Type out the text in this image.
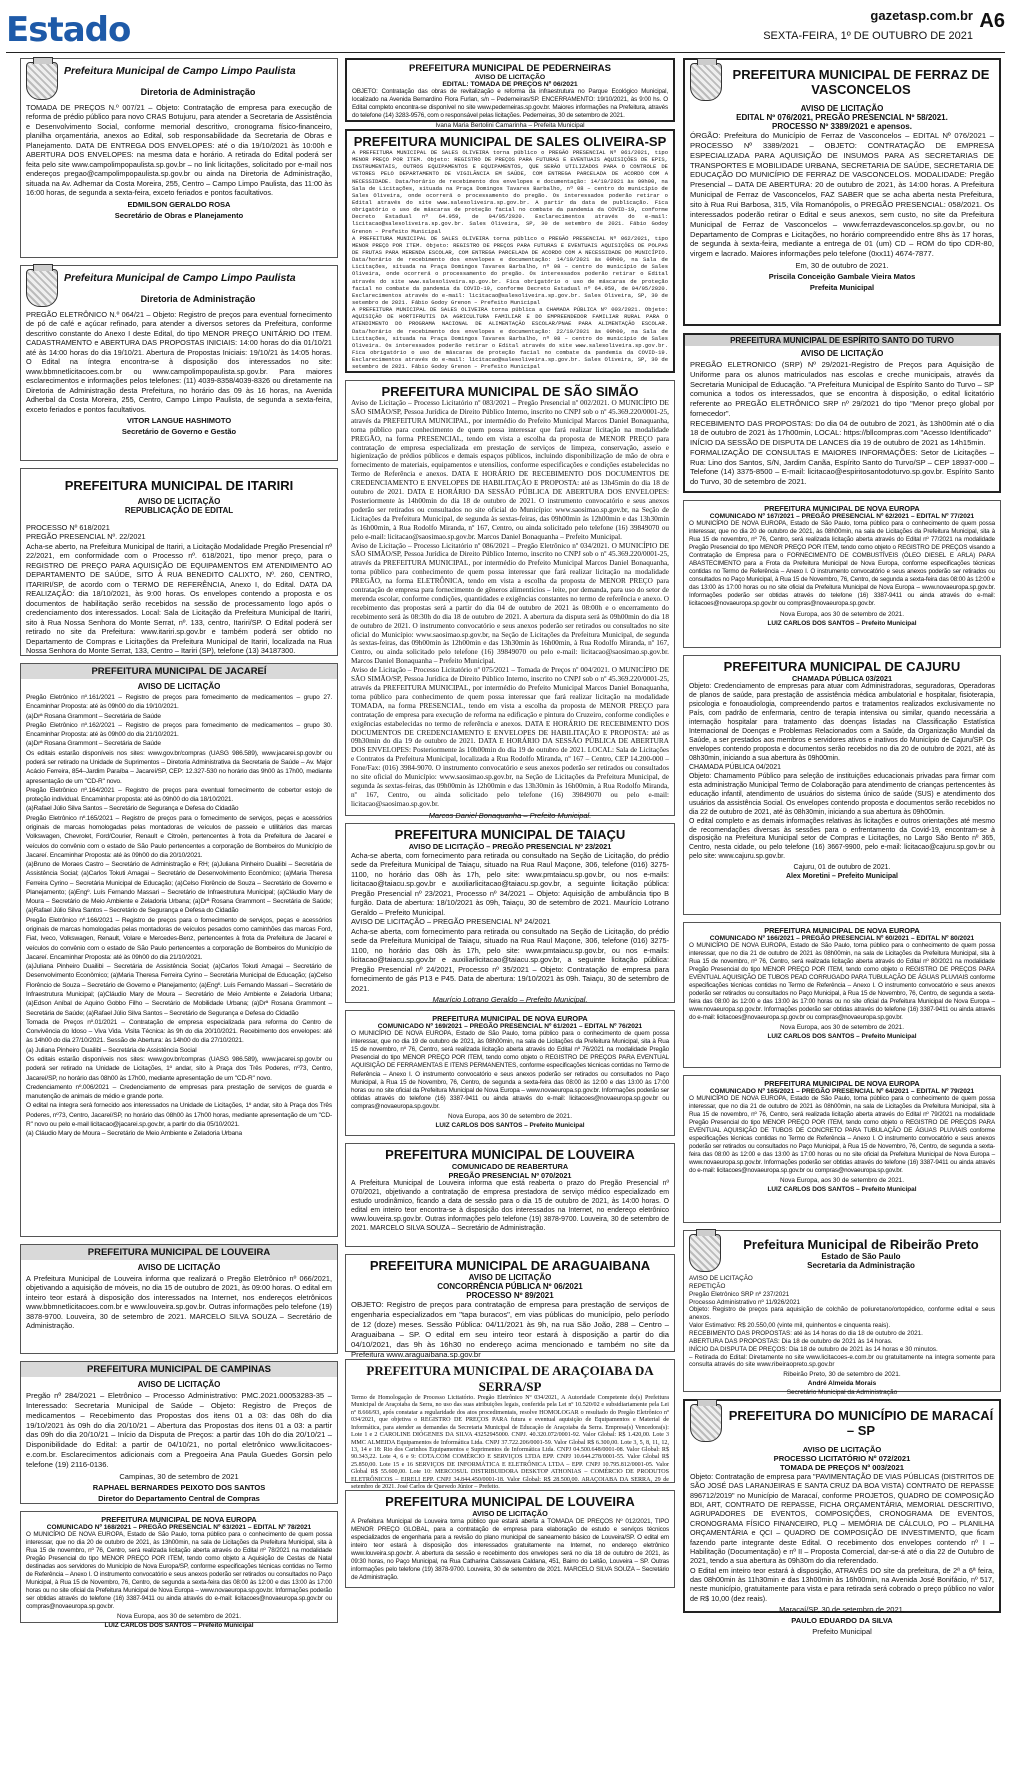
Estado	gazetasp.com.br
SEXTA-FEIRA, 1º DE OUTUBRO DE 2021
A6
Prefeitura Municipal de Campo Limpo Paulista
Diretoria de Administração
TOMADA DE PREÇOS N.º 007/21 – Objeto: Contratação de empresa para execução de reforma de prédio público para novo CRAS Botujuru, para atender a Secretaria de Assistência e Desenvolvimento Social, conforme memorial descritivo, cronograma físico-financeiro, planilha orçamentária, anexos ao Edital, sob responsabilidade da Secretaria de Obras e Planejamento. DATA DE ENTREGA DOS ENVELOPES: até o dia 19/10/2021 às 10:00h e ABERTURA DOS ENVELOPES: na mesma data e horário. A retirada do Edital poderá ser feita pelo site www.campolimpopaulista.sp.gov.br – no link licitações, solicitado por e-mail nos endereços pregao@campolimpopaulista.sp.gov.br ou ainda na Diretoria de Administração, situada na Av. Adhemar da Costa Moreira, 255, Centro – Campo Limpo Paulista, das 11:00 às 16:00 horas, de segunda a sexta-feira, exceto feriados e pontos facultativos.
EDMILSON GERALDO ROSA
Secretário de Obras e Planejamento
Prefeitura Municipal de Campo Limpo Paulista
Diretoria de Administração
PREGÃO ELETRÔNICO N.º 064/21 – Objeto: Registro de preços para eventual fornecimento de pó de café e açúcar refinado, para atender a diversos setores da Prefeitura, conforme descritivo constante do Anexo I deste Edital, do tipo MENOR PREÇO UNITÁRIO DO ITEM. CADASTRAMENTO e ABERTURA DAS PROPOSTAS INICIAIS: 14:00 horas do dia 01/10/21 até às 14:00 horas do dia 19/10/21. Abertura de Propostas Iniciais: 19/10/21 às 14:05 horas. O Edital na íntegra encontra-se à disposição dos interessados no site: www.bbmnetlicitacoes.com.br ou www.campolimpopaulista.sp.gov.br. Para maiores esclarecimentos e informações pelos telefones: (11) 4039-8358/4039-8326 ou diretamente na Diretoria de Administração desta Prefeitura, no horário das 09 às 16 horas, na Avenida Adherbal da Costa Moreira, 255, Centro, Campo Limpo Paulista, de segunda a sexta-feira, exceto feriados e pontos facultativos.
VITOR LANGUE HASHIMOTO
Secretário de Governo e Gestão
PREFEITURA MUNICIPAL DE ITARIRI
AVISO DE LICITAÇÃO
REPUBLICAÇÃO DE EDITAL
PROCESSO Nº 618/2021
PREGÃO PRESENCIAL Nº. 22/2021
Acha-se aberto, na Prefeitura Municipal de Itariri, a Licitação Modalidade Pregão Presencial nº 22/2021, em conformidade com o Processo nº. 618/2021, tipo menor preço, para o REGISTRO DE PREÇO PARA AQUISIÇÃO DE EQUIPAMENTOS EM ATENDIMENTO AO DEPARTAMENTO DE SAÚDE, SITO À RUA BENEDITO CALIXTO, Nº. 260, CENTRO, ITARIRI/SP, de acordo com o TERMO DE REFERÊNCIA, Anexo I, do Edital. DATA DA REALIZAÇÃO: dia 18/10/2021, às 9:00 horas. Os envelopes contendo a proposta e os documentos de habilitação serão recebidos na sessão de processamento logo após o credenciamento dos interessados. Local: Sala de Licitação da Prefeitura Municipal de Itariri, sito à Rua Nossa Senhora do Monte Serrat, nº. 133, centro, Itariri/SP. O Edital poderá ser retirado no site da Prefeitura: www.itariri.sp.gov.br e também poderá ser obtido no Departamento de Compras e Licitações da Prefeitura Municipal de Itariri, localizada na Rua Nossa Senhora do Monte Serrat, 133, Centro – Itariri (SP), telefone (13) 34187300.
PREFEITURA MUNICIPAL DE JACAREÍ
AVISO DE LICITAÇÃO
Pregão Eletrônico nº.161/2021 – Registro de preços para fornecimento de medicamentos – grupo 27. Encaminhar Proposta: até às 09h00 do dia 19/10/2021.
(a)Drª Rosana Grammont – Secretária de Saúde
Pregão Eletrônico nº.162/2021 – Registro de preços para fornecimento de medicamentos – grupo 30. Encaminhar Proposta: até às 09h00 do dia 21/10/2021.
(a)Drª Rosana Grammont – Secretária de Saúde
Os editais estarão disponíveis nos sites: www.gov.br/compras (UASG 986.589), www.jacarei.sp.gov.br ou poderá ser retirado na Unidade de Suprimentos – Diretoria Administrativa da Secretaria de Saúde – Av. Major Acácio Ferreira, 854–Jardim Paraíba – Jacareí/SP, CEP: 12.327-530 no horário das 9h00 às 17h00, mediante apresentação de um "CD-R" novo.
Pregão Eletrônico nº.164/2021 – Registro de preços para eventual fornecimento de cobertor estojo de proteção individual. Encaminhar proposta: até às 09h00 do dia 18/10/2021.
(a)Rafael Júlio Silva Santos – Secretário de Segurança e Defesa do Cidadão
Pregão Eletrônico nº.165/2021 – Registro de preços para o fornecimento de serviços, peças e acessórios originais de marcas homologadas pelas montadoras de veículos de passeio e utilitários das marcas Volkswagen, Chevrolet, Ford/Courier, Renault e Citroën, pertencentes à frota da Prefeitura de Jacareí e veículos do convênio com o estado de São Paulo pertencentes a corporação de Bombeiros do Município de Jacareí. Encaminhar Proposta: até às 09h00 do dia 20/10/2021.
(a)Bruno de Moraes Castro – Secretário de Administração e RH; (a)Juliana Pinheiro Duailibi – Secretária de Assistência Social; (a)Carlos Tokuti Amagai – Secretário de Desenvolvimento Econômico; (a)Maria Theresa Ferreira Cyrino – Secretária Municipal de Educação; (a)Celso Florêncio de Souza – Secretário de Governo e Planejamento; (a)Engº. Luís Fernando Massari – Secretário de Infraestrutura Municipal; (a)Cláudio Mary de Moura – Secretário de Meio Ambiente e Zeladoria Urbana; (a)Drª Rosana Grammont – Secretária de Saúde; (a)Rafael Júlio Silva Santos – Secretário de Segurança e Defesa do Cidadão
Pregão Eletrônico nº.166/2021 – Registro de preços para o fornecimento de serviços, peças e acessórios originais de marcas homologadas pelas montadoras de veículos pesados como caminhões das marcas Ford, Fiat, Iveco, Volkswagen, Renault, Volare e Mercedes-Benz, pertencentes à frota da Prefeitura de Jacareí e veículos do convênio com o estado de São Paulo pertencentes a corporação de Bombeiros do Município de Jacareí. Encaminhar Proposta: até às 09h00 do dia 21/10/2021.
(a)Juliana Pinheiro Duailibi – Secretária de Assistência Social; (a)Carlos Tokuti Amagai – Secretário de Desenvolvimento Econômico; (a)Maria Theresa Ferreira Cyrino – Secretária Municipal de Educação; (a)Celso Florêncio de Souza – Secretário de Governo e Planejamento; (a)Engº. Luís Fernando Massari – Secretário de Infraestrutura Municipal; (a)Cláudio Mary de Moura – Secretário de Meio Ambiente e Zeladoria Urbana; (a)Edson Aníbal de Aquino Gobbo Filho – Secretário de Mobilidade Urbana; (a)Drª Rosana Grammont – Secretária de Saúde; (a)Rafael Júlio Silva Santos – Secretário de Segurança e Defesa do Cidadão
Tomada de Preços nº.01/2021 – Contratação de empresa especializada para reforma do Centro de Convivência do Idoso – Viva Vida. Visita Técnica: às 9h do dia 20/10/2021. Recebimento dos envelopes: até às 14h00 do dia 27/10/2021. Sessão de Abertura: às 14h00 do dia 27/10/2021.
(a) Juliana Pinheiro Duailibi – Secretária de Assistência Social
Os editais estarão disponíveis nos sites: www.gov.br/compras (UASG 986.589), www.jacarei.sp.gov.br ou poderá ser retirado na Unidade de Licitações, 1º andar, sito à Praça dos Três Poderes, nº73, Centro, Jacareí/SP, no horário das 08h00 às 17h00, mediante apresentação de um "CD-R" novo.
Credenciamento nº.006/2021 – Credenciamento de empresas para prestação de serviços de guarda e manutenção de animais de médio e grande porte.
O edital na íntegra será fornecido aos interessados na Unidade de Licitações, 1º andar, sito à Praça dos Três Poderes, nº73, Centro, Jacareí/SP, no horário das 08h00 às 17h00 horas, mediante apresentação de um "CD-R" novo ou pelo e-mail licitacao@jacarei.sp.gov.br, a partir do dia 05/10/2021.
(a) Cláudio Mary de Moura – Secretário de Meio Ambiente e Zeladoria Urbana
PREFEITURA MUNICIPAL DE LOUVEIRA
AVISO DE LICITAÇÃO
A Prefeitura Municipal de Louveira informa que realizará o Pregão Eletrônico nº 066/2021, objetivando a aquisição de móveis, no dia 15 de outubro de 2021, às 09:00 horas. O edital em inteiro teor estará à disposição dos interessados na Internet, nos endereços eletrônicos www.bbmnetlicitacoes.com.br e www.louveira.sp.gov.br. Outras informações pelo telefone (19) 3878-9700. Louveira, 30 de setembro de 2021. MARCELO SILVA SOUZA – Secretário de Administração.
PREFEITURA MUNICIPAL DE CAMPINAS
AVISO DE LICITAÇÃO
Pregão nº 284/2021 – Eletrônico – Processo Administrativo: PMC.2021.00053283-35 – Interessado: Secretaria Municipal de Saúde – Objeto: Registro de Preços de medicamentos – Recebimento das Propostas dos itens 01 a 03: das 08h do dia 19/10/2021 às 09h do dia 20/10/21 – Abertura das Propostas dos itens 01 a 03: a partir das 09h do dia 20/10/21 – Início da Disputa de Preços: a partir das 10h do dia 20/10/21 – Disponibilidade do Edital: a partir de 04/10/21, no portal eletrônico www.licitacoes-e.com.br. Esclarecimentos adicionais com a Pregoeira Ana Paula Guedes Gorsin pelo telefone (19) 2116-0136.
Campinas, 30 de setembro de 2021
RAPHAEL BERNARDES PEIXOTO DOS SANTOS
Diretor do Departamento Central de Compras
PREFEITURA MUNICIPAL DE NOVA EUROPA
COMUNICADO Nº 168/2021 – PREGÃO PRESENCIAL Nº 63/2021 – EDITAL Nº 78/2021
O MUNICÍPIO DE NOVA EUROPA, Estado de São Paulo, torna público para o conhecimento de quem possa interessar, que no dia 20 de outubro de 2021, às 13h00min, na sala de Licitações da Prefeitura Municipal, sita à Rua 15 de novembro, nº 76, Centro, será realizada licitação aberta através do Edital nº 78/2021 na modalidade Pregão Presencial do tipo MENOR PREÇO POR ITEM, tendo como objeto a Aquisição de Cestas de Natal destinadas aos servidores do Município de Nova Europa/SP, conforme especificações técnicas contidas no Termo de Referência – Anexo I. O instrumento convocatório e seus anexos poderão ser retirados ou consultados no Paço Municipal, à Rua 15 de Novembro, 76, Centro, de segunda a sexta-feira das 08:00 às 12:00 e das 13:00 às 17:00 horas ou no site oficial da Prefeitura Municipal de Nova Europa – www.novaeuropa.sp.gov.br. Informações poderão ser obtidas através do telefone (16) 3387-9411 ou ainda através do e-mail: licitacoes@novaeuropa.sp.gov.br ou compras@novaeuropa.sp.gov.br.
Nova Europa, aos 30 de setembro de 2021.
LUIZ CARLOS DOS SANTOS – Prefeito Municipal
PREFEITURA MUNICIPAL DE PEDERNEIRAS
AVISO DE LICITAÇÃO
EDITAL: TOMADA DE PREÇOS Nº 06/2021
OBJETO: Contratação das obras de revitalização e reforma da infraestrutura no Parque Ecológico Municipal, localizado na Avenida Bernardino Flora Furlan, s/n – Pederneiras/SP. ENCERRAMENTO: 19/10/2021, às 9:00 hs. O Edital completo encontra-se disponível no site www.pederneiras.sp.gov.br. Maiores informações na Prefeitura, através do telefone (14) 3283-9576, com o responsável pelas licitações. Pederneiras, 30 de setembro de 2021.
Ivana Maria Bertolini Camarinha – Prefeita Municipal
PREFEITURA MUNICIPAL DE SALES OLIVEIRA-SP
A PREFEITURA MUNICIPAL DE SALES OLIVEIRA torna público o PREGÃO PRESENCIAL Nº 061/2021, tipo MENOR PREÇO POR ITEM. Objeto: REGISTRO DE PREÇOS PARA FUTURAS E EVENTUAIS AQUISIÇÕES DE EPIS, INSTRUMENTAIS, OUTROS EQUIPAMENTOS E EQUIPAMENTOS, QUE SERÃO UTILIZADOS PARA O CONTROLE DE VETORES PELO DEPARTAMENTO DE VIGILÂNCIA EM SAÚDE, COM ENTREGA PARCELADA DE ACORDO COM A NECESSIDADE. Data/horário de recebimento dos envelopes e documentação: 14/10/2021 às 09h00, na Sala de Licitações, situada na Praça Domingos Tavares Barbalho, nº 08 – centro do município de Sales Oliveira, onde ocorrerá o processamento do pregão. Os interessados poderão retirar o Edital através do site www.salesoliveira.sp.gov.br. A partir da data de publicação. Fica obrigatório o uso de máscaras de proteção facial no combate da pandemia da COVID-19, conforme Decreto Estadual nº 64.959, de 04/05/2020. Esclarecimentos através do e-mail: licitacao@salesoliveira.sp.gov.br. Sales Oliveira, SP, 30 de setembro de 2021. Fábio Godoy Grenon – Prefeito Municipal
A PREFEITURA MUNICIPAL DE SALES OLIVEIRA torna público o PREGÃO PRESENCIAL Nº 062/2021, tipo MENOR PREÇO POR ITEM. Objeto: REGISTRO DE PREÇOS PARA FUTURAS E EVENTUAIS AQUISIÇÕES DE POLPAS DE FRUTAS PARA MERENDA ESCOLAR, COM ENTREGA PARCELADA DE ACORDO COM A NECESSIDADE DO MUNICÍPIO. Data/horário de recebimento dos envelopes e documentação: 14/10/2021 às 09h00, na Sala de Licitações, situada na Praça Domingos Tavares Barbalho, nº 08 – centro do município de Sales Oliveira, onde ocorrerá o processamento do pregão. Os interessados poderão retirar o Edital através do site www.salesoliveira.sp.gov.br. Fica obrigatório o uso de máscaras de proteção facial no combate da pandemia da COVID-19, conforme Decreto Estadual nº 64.959, de 04/05/2020. Esclarecimentos através do e-mail: licitacao@salesoliveira.sp.gov.br. Sales Oliveira, SP, 30 de setembro de 2021. Fábio Godoy Grenon – Prefeito Municipal
A PREFEITURA MUNICIPAL DE SALES OLIVEIRA torna pública a CHAMADA PÚBLICA Nº 003/2021. Objeto: AQUISIÇÃO DE HORTIFRUTIS DA AGRICULTURA FAMILIAR E DO EMPREENDEDOR FAMILIAR RURAL PARA O ATENDIMENTO DO PROGRAMA NACIONAL DE ALIMENTAÇÃO ESCOLAR/PNAE PARA ALIMENTAÇÃO ESCOLAR. Data/horário de recebimento dos envelopes e documentação: 22/10/2021 às 09h00, na Sala de Licitações, situada na Praça Domingos Tavares Barbalho, nº 08 – centro do município de Sales Oliveira. Os interessados poderão retirar o Edital através do site www.salesoliveira.sp.gov.br. Fica obrigatório o uso de máscaras de proteção facial no combate da pandemia da COVID-19. Esclarecimentos através do e-mail: licitacao@salesoliveira.sp.gov.br. Sales Oliveira, SP, 30 de setembro de 2021. Fábio Godoy Grenon – Prefeito Municipal
PREFEITURA MUNICIPAL DE SÃO SIMÃO
Aviso de Licitação – Processo Licitatório nº 083/2021 – Pregão Presencial nº 002/2021. O MUNICÍPIO DE SÃO SIMÃO/SP, Pessoa Jurídica de Direito Público Interno, inscrito no CNPJ sob o nº 45.369.220/0001-25, através da PREFEITURA MUNICIPAL, por intermédio do Prefeito Municipal Marcos Daniel Bonaquanha, torna público para conhecimento de quem possa interessar que fará realizar licitação na modalidade PREGÃO, na forma PRESENCIAL, tendo em vista a escolha da proposta de MENOR PREÇO para contratação de empresa especializada em prestação de serviços de limpeza, conservação, asseio e higienização de prédios públicos e demais espaços públicos, incluindo disponibilização de mão de obra e fornecimento de materiais, equipamentos e utensílios, conforme especificações e condições estabelecidas no Termo de Referência e anexos. DATA E HORÁRIO DE RECEBIMENTO DOS DOCUMENTOS DE CREDENCIAMENTO E ENVELOPES DE HABILITAÇÃO E PROPOSTA: até as 13h45min do dia 18 de outubro de 2021. DATA E HORÁRIO DA SESSÃO PÚBLICA DE ABERTURA DOS ENVELOPES: Posteriormente às 14h00min do dia 18 de outubro de 2021. O instrumento convocatório e seus anexos poderão ser retirados ou consultados no site oficial do Município: www.saosimao.sp.gov.br, na Seção de Licitações da Prefeitura Municipal, de segunda às sextas-feiras, das 09h00min às 12h00min e das 13h30min às 16h00min, à Rua Rodolfo Miranda, nº 167, Centro, ou ainda solicitado pelo telefone (16) 39849070 ou pelo e-mail: licitacao@saosimao.sp.gov.br. Marcos Daniel Bonaquanha – Prefeito Municipal.
Aviso de Licitação – Processo Licitatório nº 086/2021 – Pregão Eletrônico nº 034/2021. O MUNICÍPIO DE SÃO SIMÃO/SP, Pessoa Jurídica de Direito Público Interno, inscrito no CNPJ sob o nº 45.369.220/0001-25, através da PREFEITURA MUNICIPAL, por intermédio do Prefeito Municipal Marcos Daniel Bonaquanha, torna público para conhecimento de quem possa interessar que fará realizar licitação na modalidade PREGÃO, na forma ELETRÔNICA, tendo em vista a escolha da proposta de MENOR PREÇO para contratação de empresa para fornecimento de gêneros alimentícios – leite, por demanda, para uso do setor de merenda escolar, conforme condições, quantidades e exigências constantes no termo de referência e anexo. O recebimento das propostas será a partir do dia 04 de outubro de 2021 às 08:00h e o encerramento do recebimento será às 08:30h do dia 18 de outubro de 2021. A abertura da disputa será às 09h00min do dia 18 de outubro de 2021. O instrumento convocatório e seus anexos poderão ser retirados ou consultados no site oficial do Município: www.saosimao.sp.gov.br, na Seção de Licitações da Prefeitura Municipal, de segunda às sextas-feiras, das 09h00min às 12h00min e das 13h30min às 16h00min, à Rua Rodolfo Miranda, nº 167, Centro, ou ainda solicitado pelo telefone (16) 39849070 ou pelo e-mail: licitacao@saosimao.sp.gov.br. Marcos Daniel Bonaquanha – Prefeito Municipal.
Aviso de Licitação – Processo Licitatório nº 075/2021 – Tomada de Preços nº 004/2021. O MUNICÍPIO DE SÃO SIMÃO/SP, Pessoa Jurídica de Direito Público Interno, inscrito no CNPJ sob o nº 45.369.220/0001-25, através da PREFEITURA MUNICIPAL, por intermédio do Prefeito Municipal Marcos Daniel Bonaquanha, torna público para conhecimento de quem possa interessar que fará realizar licitação na modalidade TOMADA, na forma PRESENCIAL, tendo em vista a escolha da proposta de MENOR PREÇO para contratação de empresa para execução de reforma na edificação e pintura do Cruzeiro, conforme condições e exigências estabelecidas no termo de referência e anexos. DATA E HORÁRIO DE RECEBIMENTO DOS DOCUMENTOS DE CREDENCIAMENTO E ENVELOPES DE HABILITAÇÃO E PROPOSTA: até as 09h30min do dia 19 de outubro de 2021. DATA E HORÁRIO DA SESSÃO PÚBLICA DE ABERTURA DOS ENVELOPES: Posteriormente às 10h00min do dia 19 de outubro de 2021. LOCAL: Sala de Licitações e Contratos da Prefeitura Municipal, localizada a Rua Rodolfo Miranda, nº 167 – Centro, CEP 14.200-000 – Fone/Fax: (016) 3984-9070. O instrumento convocatório e seus anexos poderão ser retirados ou consultados no site oficial do Município: www.saosimao.sp.gov.br, na Seção de Licitações da Prefeitura Municipal, de segunda às sextas-feiras, das 09h00min às 12h00min e das 13h30min às 16h00min, à Rua Rodolfo Miranda, nº 167, Centro, ou ainda solicitado pelo telefone (16) 39849070 ou pelo e-mail: licitacao@saosimao.sp.gov.br.
Marcos Daniel Bonaquanha – Prefeito Municipal.
PREFEITURA MUNICIPAL DE TAIAÇU
AVISO DE LICITAÇÃO – PREGÃO PRESENCIAL Nº 23/2021
Acha-se aberta, com fornecimento para retirada ou consultado na Seção de Licitação, do prédio sede da Prefeitura Municipal de Taiaçu, situado na Rua Raul Maçone, 306, telefone (016) 3275-1100, no horário das 08h às 17h, pelo site: www.pmtaiacu.sp.gov.br, ou nos e-mails: licitacao@taiacu.sp.gov.br e auxiliarlicitacao@taiacu.sp.gov.br, a seguinte licitação pública: Pregão Presencial nº 23/2021, Processo nº 34/2021 – Objeto: Aquisição de ambulância tipo B furgão. Data de abertura: 18/10/2021 às 09h, Taiaçu, 30 de setembro de 2021. Maurício Lotrano Geraldo – Prefeito Municipal.
AVISO DE LICITAÇÃO – PREGÃO PRESENCIAL Nº 24/2021
Acha-se aberta, com fornecimento para retirada ou consultado na Seção de Licitação, do prédio sede da Prefeitura Municipal de Taiaçu, situado na Rua Raul Maçone, 306, telefone (016) 3275-1100, no horário das 08h às 17h, pelo site: www.pmtaiacu.sp.gov.br, ou nos e-mails: licitacao@taiacu.sp.gov.br e auxiliarlicitacao@taiacu.sp.gov.br, a seguinte licitação pública: Pregão Presencial nº 24/2021, Processo nº 35/2021 – Objeto: Contratação de empresa para fornecimento de gás P13 e P45. Data de abertura: 19/10/2021 às 09h. Taiaçu, 30 de setembro de 2021.
Maurício Lotrano Geraldo – Prefeito Municipal.
PREFEITURA MUNICIPAL DE NOVA EUROPA
COMUNICADO Nº 169/2021 – PREGÃO PRESENCIAL Nº 61/2021 – EDITAL Nº 76/2021
O MUNICÍPIO DE NOVA EUROPA, Estado de São Paulo, torna público para o conhecimento de quem possa interessar, que no dia 19 de outubro de 2021, às 08h00min, na sala de Licitações da Prefeitura Municipal, sita à Rua 15 de novembro, nº 76, Centro, será realizada licitação aberta através do Edital nº 76/2021 na modalidade Pregão Presencial do tipo MENOR PREÇO POR ITEM, tendo como objeto o REGISTRO DE PREÇOS PARA EVENTUAL AQUISIÇÃO DE FERRAMENTAS E ITENS PERMANENTES, conforme especificações técnicas contidas no Termo de Referência – Anexo I. O instrumento convocatório e seus anexos poderão ser retirados ou consultados no Paço Municipal, à Rua 15 de Novembro, 76, Centro, de segunda a sexta-feira das 08:00 às 12:00 e das 13:00 às 17:00 horas ou no site oficial da Prefeitura Municipal de Nova Europa – www.novaeuropa.sp.gov.br. Informações poderão ser obtidas através do telefone (16) 3387-9411 ou ainda através do e-mail: licitacoes@novaeuropa.sp.gov.br ou compras@novaeuropa.sp.gov.br.
Nova Europa, aos 30 de setembro de 2021.
LUIZ CARLOS DOS SANTOS – Prefeito Municipal
PREFEITURA MUNICIPAL DE LOUVEIRA
COMUNICADO DE REABERTURA
PREGÃO PRESENCIAL Nº 070/2021
A Prefeitura Municipal de Louveira informa que está reaberta o prazo do Pregão Presencial nº 070/2021, objetivando a contratação de empresa prestadora de serviço médico especializado em estudo urodinâmico, ficando a data de sessão para o dia 15 de outubro de 2021, às 14:00 horas. O edital em inteiro teor encontra-se à disposição dos interessados na Internet, no endereço eletrônico www.louveira.sp.gov.br. Outras informações pelo telefone (19) 3878-9700. Louveira, 30 de setembro de 2021. MARCELO SILVA SOUZA – Secretário de Administração.
PREFEITURA MUNICIPAL DE ARAGUAIBANA
AVISO DE LICITAÇÃO
CONCORRÊNCIA PÚBLICA Nº 06/2021
PROCESSO Nº 89/2021
OBJETO: Registro de preços para contratação de empresa para prestação de serviços de engenharia especializados em "tapa buracos", em vias públicas do município, pelo período de 12 (doze) meses. Sessão Pública: 04/11/2021 às 9h, na rua São João, 288 – Centro – Araguaibana – SP. O edital em seu inteiro teor estará à disposição a partir do dia 04/10/2021, das 9h às 16h30 no endereço acima mencionado e também no site da Prefeitura www.araguaibana.sp.gov.br
PREFEITURA MUNICIPAL DE ARAÇOIABA DA SERRA/SP
Termo de Homologação de Processo Licitatório. Pregão Eletrônico Nº 034/2021, A Autoridade Competente do(s) Prefeitura Municipal de Araçoiaba da Serra, no uso das suas atribuições legais, conferida pela Lei nº 10.520/02 e subsidiariamente pela Lei nº 8.666/93, após constatar a regularidade dos atos procedimentais, resolve HOMOLOGAR o resultado do Pregão Eletrônico nº 034/2021, que objetiva o REGISTRO DE PREÇOS PARA futura e eventual aquisição de Equipamentos e Material de Informática, para atender as demandas da Secretaria Municipal de Educação de Araçoiaba da Serra. Empresa(s) Vencedora(s): Lote 1 e 2 CAROLINE DIÓGENES DA SILVA 43252945000. CNPJ. 40.320.072/0001-92. Valor Global: R$ 1.420,00. Lote 3 MMC ALMEIDA Equipamentos de Informática Ltda. CNPJ 37.722.206/0001-59. Valor Global R$ 6.300,00. Lote 3, 5, 8, 11, 12, 13, 14 e 18: Rio dos Carinhos Equipamentos e Suprimentos de Informática Ltda. CNPJ 04.500.648/0001-08. Valor Global: R$ 90.343,22. Lote 4, 6 e 9: COTA.COM COMÉRCIO E SERVIÇOS LTDA EPP. CNPJ 10.644.278/0001-55. Valor Global R$ 25.850,00. Lote 15 e 16 SERVIÇOS DE INFORMÁTICA E ELETRÔNICA LTDA – EPP. CNPJ 10.795.812/0001-05. Valor Global R$ 55.600,00. Lote 10: MERCOSUL DISTRIBUIDORA DESKTOP ATHONIAS – COMÉRCIO DE PRODUTOS ELETRÔNICOS – EIRELI EPP. CNPJ 34.844.450/0001-18. Valor Global: R$ 28.500,00. ARAÇOIABA DA SERRA, 29 de setembro de 2021. José Carlos de Quevedo Júnior – Prefeito.
PREFEITURA MUNICIPAL DE LOUVEIRA
AVISO DE LICITAÇÃO
A Prefeitura Municipal de Louveira torna público que estará aberta a TOMADA DE PREÇOS Nº 012/2021, TIPO MENOR PREÇO GLOBAL, para a contratação de empresa para elaboração de estudo e serviços técnicos especializados de engenharia para a revisão do plano municipal de saneamento básico de Louveira/SP. O edital em inteiro teor estará à disposição dos interessados gratuitamente na Internet, no endereço eletrônico www.louveira.sp.gov.br. A abertura da sessão e recebimento dos envelopes será no dia 18 de outubro de 2021, às 09:30 horas, no Paço Municipal, na Rua Catharina Calssavara Caldana, 451, Bairro do Leitão, Louveira – SP. Outras informações pelo telefone (19) 3878-9700. Louveira, 30 de setembro de 2021. MARCELO SILVA SOUZA – Secretário de Administração.
PREFEITURA MUNICIPAL DE FERRAZ DE VASCONCELOS
AVISO DE LICITAÇÃO
EDITAL Nº 076/2021, PREGÃO PRESENCIAL Nº 58/2021.
PROCESSO Nº 3389/2021 e apensos.
ÓRGÃO: Prefeitura do Município de Ferraz de Vasconcelos – EDITAL Nº 076/2021 – PROCESSO Nº 3389/2021 – OBJETO: CONTRATAÇÃO DE EMPRESA ESPECIALIZADA PARA AQUISIÇÃO DE INSUMOS PARA AS SECRETARIAS DE TRANSPORTES E MOBILIDADE URBANA, SECRETARIA DE SAÚDE, SECRETARIA DE EDUCAÇÃO DO MUNICÍPIO DE FERRAZ DE VASCONCELOS. MODALIDADE: Pregão Presencial – DATA DE ABERTURA: 20 de outubro de 2021, às 14:00 horas. A Prefeitura Municipal de Ferraz de Vasconcelos, FAZ SABER que se acha aberta nesta Prefeitura, sito à Rua Rui Barbosa, 315, Vila Romanópolis, o PREGÃO PRESENCIAL: 058/2021. Os interessados poderão retirar o Edital e seus anexos, sem custo, no site da Prefeitura Municipal de Ferraz de Vasconcelos – www.ferrazdevasconcelos.sp.gov.br, ou no Departamento de Compras e Licitações, no horário compreendido entre 8hs às 17 horas, de segunda à sexta-feira, mediante a entrega de 01 (um) CD – ROM do tipo CDR-80, virgem e lacrado. Maiores informações pelo telefone (0xx11) 4674-7877.
Em, 30 de outubro de 2021.
Priscila Conceição Gambale Vieira Matos
Prefeita Municipal
PREFEITURA MUNICIPAL DE ESPÍRITO SANTO DO TURVO
AVISO DE LICITAÇÃO
PREGÃO ELETRONICO (SRP) Nº 29/2021-Registro de Preços para Aquisição de Uniforme para os alunos matriculados nas escolas e creche municipais, através da Secretaria Municipal de Educação. "A Prefeitura Municipal de Espírito Santo do Turvo – SP comunica a todos os interessados, que se encontra à disposição, o edital licitatório referente ao PREGÃO ELETRÔNICO SRP nº 29/2021 do tipo "Menor preço global por fornecedor".
RECEBIMENTO DAS PROPOSTAS: Do dia 04 de outubro de 2021, às 13h00min até o dia 18 de outubro de 2021 às 17h00min, LOCAL: https://bllcompras.com "Acesso Identificado"
INÍCIO DA SESSÃO DE DISPUTA DE LANCES dia 19 de outubro de 2021 as 14h15min.
FORMALIZAÇÃO DE CONSULTAS E MAIORES INFORMAÇÕES: Setor de Licitações – Rua: Lino dos Santos, S/N, Jardim Canãa, Espírito Santo do Turvo/SP – CEP 18937-000 – Telefone (14) 3375-8500 – E-mail: licitacao@espiritosantodoturvo.sp.gov.br. Espírito Santo do Turvo, 30 de setembro de 2021.
PREFEITURA MUNICIPAL DE NOVA EUROPA
COMUNICADO Nº 167/2021 – PREGÃO PRESENCIAL Nº 62/2021 – EDITAL Nº 77/2021
O MUNICÍPIO DE NOVA EUROPA, Estado de São Paulo, torna público para o conhecimento de quem possa interessar, que no dia 20 de outubro de 2021, às 08h00min, na sala de Licitações da Prefeitura Municipal, sita à Rua 15 de novembro, nº 76, Centro, será realizada licitação aberta através do Edital nº 77/2021 na modalidade Pregão Presencial do tipo MENOR PREÇO POR ITEM, tendo como objeto o REGISTRO DE PREÇOS visando a Contratação de Empresa para o FORNECIMENTO DE COMBUSTÍVEIS (ÓLEO DIESEL E ARLA) PARA ABASTECIMENTO para a Frota da Prefeitura Municipal de Nova Europa, conforme especificações técnicas contidas no Termo de Referência – Anexo I. O instrumento convocatório e seus anexos poderão ser retirados ou consultados no Paço Municipal, à Rua 15 de Novembro, 76, Centro, de segunda a sexta-feira das 08:00 às 12:00 e das 13:00 às 17:00 horas ou no site oficial da Prefeitura Municipal de Nova Europa – www.novaeuropa.sp.gov.br. Informações poderão ser obtidas através do telefone (16) 3387-9411 ou ainda através do e-mail: licitacoes@novaeuropa.sp.gov.br ou compras@novaeuropa.sp.gov.br.
Nova Europa, aos 30 de setembro de 2021.
LUIZ CARLOS DOS SANTOS – Prefeito Municipal
PREFEITURA MUNICIPAL DE CAJURU
CHAMADA PÚBLICA 03/2021
Objeto: Credenciamento de empresas para atuar com Administradoras, seguradoras, Operadoras de planos de saúde, para prestação de assistência médica ambulatorial e hospitalar, fisioterapia, psicologia e fonoaudiologia, compreendendo partos e tratamentos realizados exclusivamente no País, com padrão de enfermaria, centro de terapia intensiva ou similar, quando necessária a internação hospitalar para tratamento das doenças listadas na Classificação Estatística Internacional de Doenças e Problemas Relacionados com a Saúde, da Organização Mundial da Saúde, a ser prestados aos membros e servidores ativos e inativos do Município de Cajuru/SP. Os envelopes contendo proposta e documentos serão recebidos no dia 20 de outubro de 2021, até às 08h30min, iniciando a sua abertura às 09h00min.
CHAMADA PÚBLICA 04/2021
Objeto: Chamamento Público para seleção de instituições educacionais privadas para firmar com esta administração Municipal Termo de Colaboração para atendimento de crianças pertencentes às educação infantil, atendimento de usuários do sistema único de saúde (SUS) e atendimento dos usuários da assistência Social. Os envelopes contendo proposta e documentos serão recebidos no dia 22 de outubro de 2021, até às 08h30min, iniciando a sua abertura às 09h00min.
O edital completo e as demais informações relativas às licitações e outros orientações até mesmo de recomendações diversas às sessões para o enfrentamento da Covid-19, encontram-se à disposição na Prefeitura Municipal setor de Compras e Licitações, no Largo São Bento nº 365, Centro, nesta cidade, ou pelo telefone (16) 3667-9900, pelo e-mail: licitacao@cajuru.sp.gov.br ou pelo site: www.cajuru.sp.gov.br.
Cajuru, 01 de outubro de 2021.
Alex Moretini – Prefeito Municipal
PREFEITURA MUNICIPAL DE NOVA EUROPA
COMUNICADO Nº 166/2021 – PREGÃO PRESENCIAL Nº 60/2021 – EDITAL Nº 80/2021
O MUNICÍPIO DE NOVA EUROPA, Estado de São Paulo, torna público para o conhecimento de quem possa interessar, que no dia 21 de outubro de 2021 às 08h00min, na sala de Licitações da Prefeitura Municipal, sita à Rua 15 de novembro, nº 76, Centro, será realizada licitação aberta através do Edital nº 80/2021 na modalidade Pregão Presencial do tipo MENOR PREÇO POR ITEM, tendo como objeto o REGISTRO DE PREÇOS PARA EVENTUAL AQUISIÇÃO DE TUBOS PEAD CORRUGADO PARA TUBULAÇÃO DE ÁGUAS PLUVIAIS conforme especificações técnicas contidas no Termo de Referência – Anexo I. O instrumento convocatório e seus anexos poderão ser retirados ou consultados no Paço Municipal, à Rua 15 de Novembro, 76, Centro, de segunda a sexta-feira das 08:00 às 12:00 e das 13:00 às 17:00 horas ou no site oficial da Prefeitura Municipal de Nova Europa – www.novaeuropa.sp.gov.br. Informações poderão ser obtidas através do telefone (16) 3387-9411 ou ainda através do e-mail: licitacoes@novaeuropa.sp.gov.br ou compras@novaeuropa.sp.gov.br.
Nova Europa, aos 30 de setembro de 2021.
LUIZ CARLOS DOS SANTOS – Prefeito Municipal
PREFEITURA MUNICIPAL DE NOVA EUROPA
COMUNICADO Nº 165/2021 – PREGÃO PRESENCIAL Nº 64/2021 – EDITAL Nº 79/2021
O MUNICÍPIO DE NOVA EUROPA, Estado de São Paulo, torna público para o conhecimento de quem possa interessar, que no dia 21 de outubro de 2021 às 08h00min, na sala de Licitações da Prefeitura Municipal, sita à Rua 15 de novembro, nº 76, Centro, será realizada licitação aberta através do Edital nº 79/2021 na modalidade Pregão Presencial do tipo MENOR PREÇO POR ITEM, tendo como objeto o REGISTRO DE PREÇOS PARA EVENTUAL AQUISIÇÃO DE TUBOS DE CONCRETO PARA TUBULAÇÃO DE ÁGUAS PLUVIAIS conforme especificações técnicas contidas no Termo de Referência – Anexo I. O instrumento convocatório e seus anexos poderão ser retirados ou consultados no Paço Municipal, à Rua 15 de Novembro, 76, Centro, de segunda a sexta-feira das 08:00 às 12:00 e das 13:00 às 17:00 horas ou no site oficial da Prefeitura Municipal de Nova Europa – www.novaeuropa.sp.gov.br. Informações poderão ser obtidas através do telefone (16) 3387-9411 ou ainda através do e-mail: licitacoes@novaeuropa.sp.gov.br ou compras@novaeuropa.sp.gov.br.
Nova Europa, aos 30 de setembro de 2021.
LUIZ CARLOS DOS SANTOS – Prefeito Municipal
Prefeitura Municipal de Ribeirão Preto
Estado de São Paulo
Secretaria da Administração
AVISO DE LICITAÇÃO
REPETIÇÃO
Pregão Eletrônico SRP nº 237/2021
Processo Administrativo nº 11/926/2021
Objeto: Registro de preços para aquisição de colchão de poliuretano/ortopédico, conforme edital e seus anexos.
Valor Estimativo: R$ 20.550,00 (vinte mil, quinhentos e cinquenta reais).
RECEBIMENTO DAS PROPOSTAS: até às 14 horas do dia 18 de outubro de 2021.
ABERTURA DAS PROPOSTAS: Dia 18 de outubro de 2021 às 14 horas.
INÍCIO DA DISPUTA DE PREÇOS: Dia 18 de outubro de 2021 às 14 horas e 30 minutos.
– Retirada do Edital: Diretamente no site www.licitacoes-e.com.br ou gratuitamente na íntegra somente para consulta através do site www.ribeiraopreto.sp.gov.br
Ribeirão Preto, 30 de setembro de 2021.
André Almeida Morais
Secretário Municipal da Administração
PREFEITURA DO MUNICÍPIO DE MARACAÍ – SP
AVISO DE LICITAÇÃO
PROCESSO LICITATÓRIO Nº 072/2021
TOMADA DE PREÇOS Nº 003/2021
Objeto: Contratação de empresa para "PAVIMENTAÇÃO DE VIAS PÚBLICAS (DISTRITOS DE SÃO JOSÉ DAS LARANJEIRAS E SANTA CRUZ DA BOA VISTA) CONTRATO DE REPASSE 896712/2019" no Município de Maracaí, conforme PROJETOS, QUADRO DE COMPOSIÇÃO BDI, ART, CONTRATO DE REPASSE, FICHA ORÇAMENTÁRIA, MEMORIAL DESCRITIVO, AGRUPADORES DE EVENTOS, COMPOSIÇÕES, CRONOGRAMA DE EVENTOS, CRONOGRAMA FÍSICO FINANCEIRO, PLQ – MEMÓRIA DE CÁLCULO, PO – PLANILHA ORÇAMENTÁRIA e QCI – QUADRO DE COMPOSIÇÃO DE INVESTIMENTO, que ficam fazendo parte integrante deste Edital. O recebimento dos envelopes contendo nº I – Habilitação (Documentação) e nº II – Proposta Comercial, dar-se-á até o dia 22 de Outubro de 2021, tendo a sua abertura às 09h30m do dia referendado.
O Edital em inteiro teor estará à disposição, ATRAVÉS DO site da prefeitura, de 2ª a 6ª feira, das 08h00min às 11h30min e das 13h00min às 16h00min, na Avenida José Bonifácio, nº 517, neste município, gratuitamente para vista e para retirada será cobrado o preço público no valor de R$ 10,00 (dez reais).
Maracaí/SP, 30 de setembro de 2021.
PAULO EDUARDO DA SILVA
Prefeito Municipal
